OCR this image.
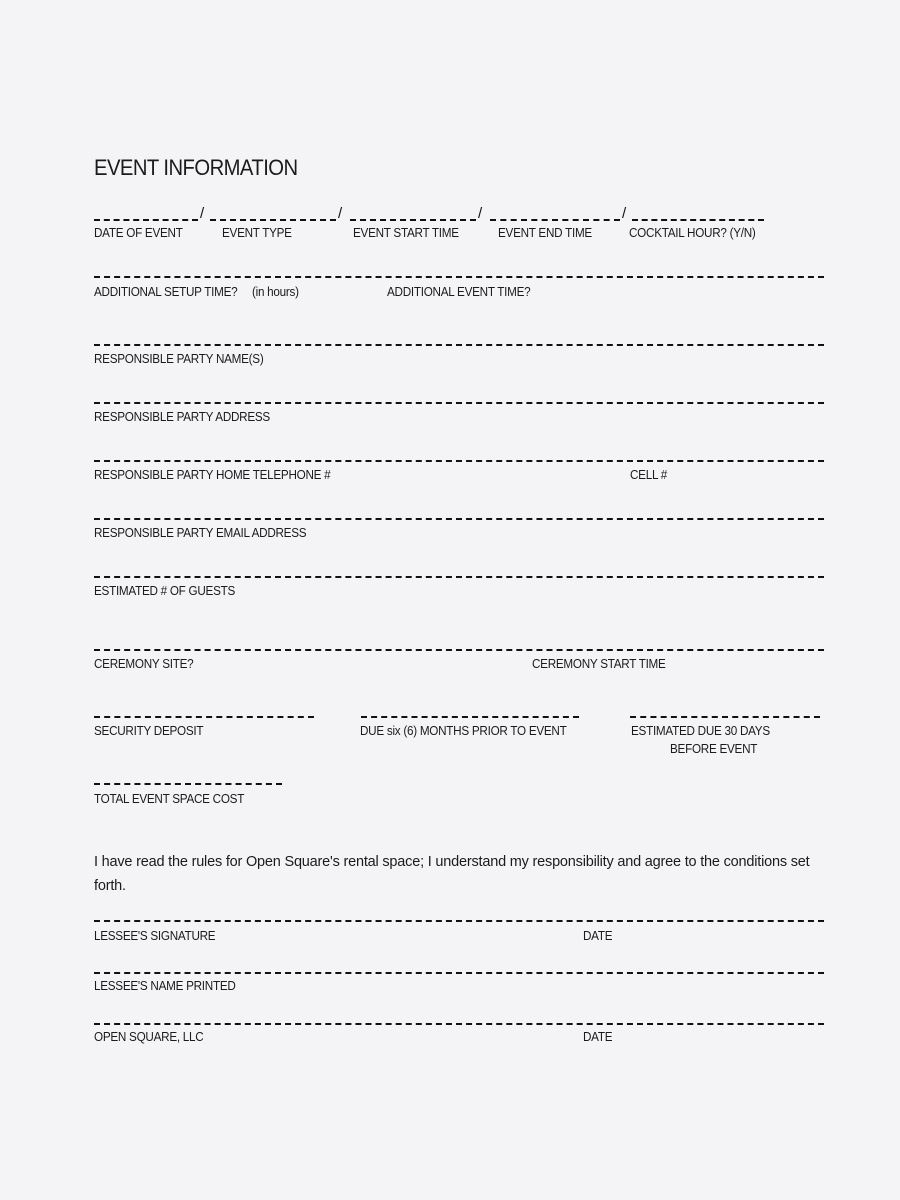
EVENT INFORMATION
/	/	/	/
DATE OF EVENT	EVENT TYPE	EVENT START TIME	EVENT END TIME	COCKTAIL HOUR? (Y/N)
ADDITIONAL SETUP TIME? (in hours)	ADDITIONAL EVENT TIME?
RESPONSIBLE PARTY NAME(S)
RESPONSIBLE PARTY ADDRESS
RESPONSIBLE PARTY HOME TELEPHONE #	CELL #
RESPONSIBLE PARTY EMAIL ADDRESS
ESTIMATED # OF GUESTS
CEREMONY SITE?	CEREMONY START TIME
SECURITY DEPOSIT	DUE six (6) MONTHS PRIOR TO EVENT	ESTIMATED DUE 30 DAYS
BEFORE EVENT
TOTAL EVENT SPACE COST
I have read the rules for Open Square's rental space; I understand my responsibility and agree to the conditions set forth.
LESSEE'S SIGNATURE	DATE
LESSEE'S NAME PRINTED
OPEN SQUARE, LLC	DATE
